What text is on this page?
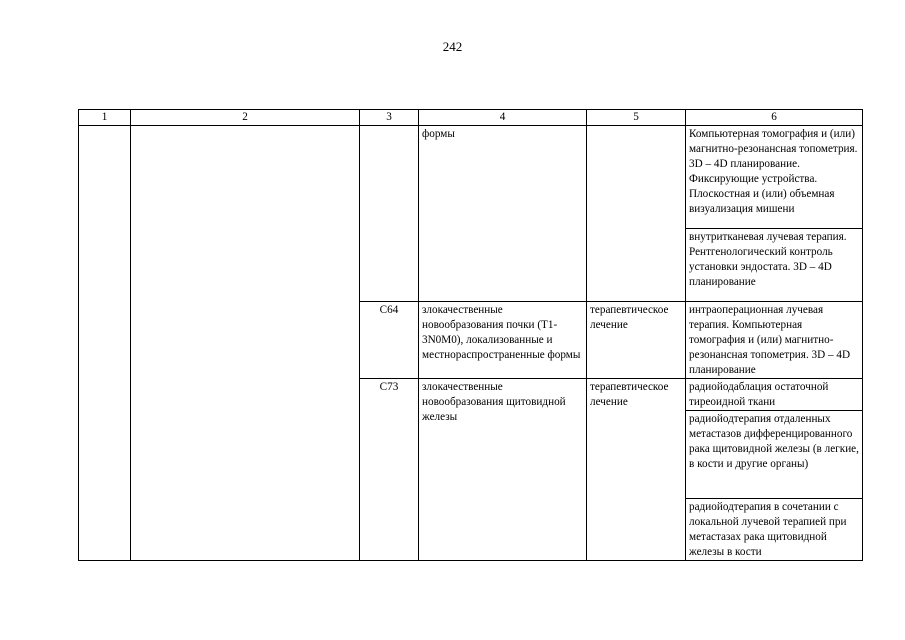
242
1	2	3	4	5	6
			формы		Компьютерная томография и (или) магнитно-резонансная топометрия. 3D – 4D планирование. Фиксирующие устройства. Плоскостная и (или) объемная визуализация мишени
					внутритканевая лучевая терапия. Рентгенологический контроль установки эндостата. 3D – 4D планирование
		C64	злокачественные новообразования почки (T1-3N0M0), локализованные и местнораспространенные формы	терапевтическое лечение	интраоперационная лучевая терапия. Компьютерная томография и (или) магнитно-резонансная топометрия. 3D – 4D планирование
		C73	злокачественные новообразования щитовидной железы	терапевтическое лечение	радиойодаблация остаточной тиреоидной ткани
					радиойодтерапия отдаленных метастазов дифференцированного рака щитовидной железы (в легкие, в кости и другие органы)
					радиойодтерапия в сочетании с локальной лучевой терапией при метастазах рака щитовидной железы в кости
